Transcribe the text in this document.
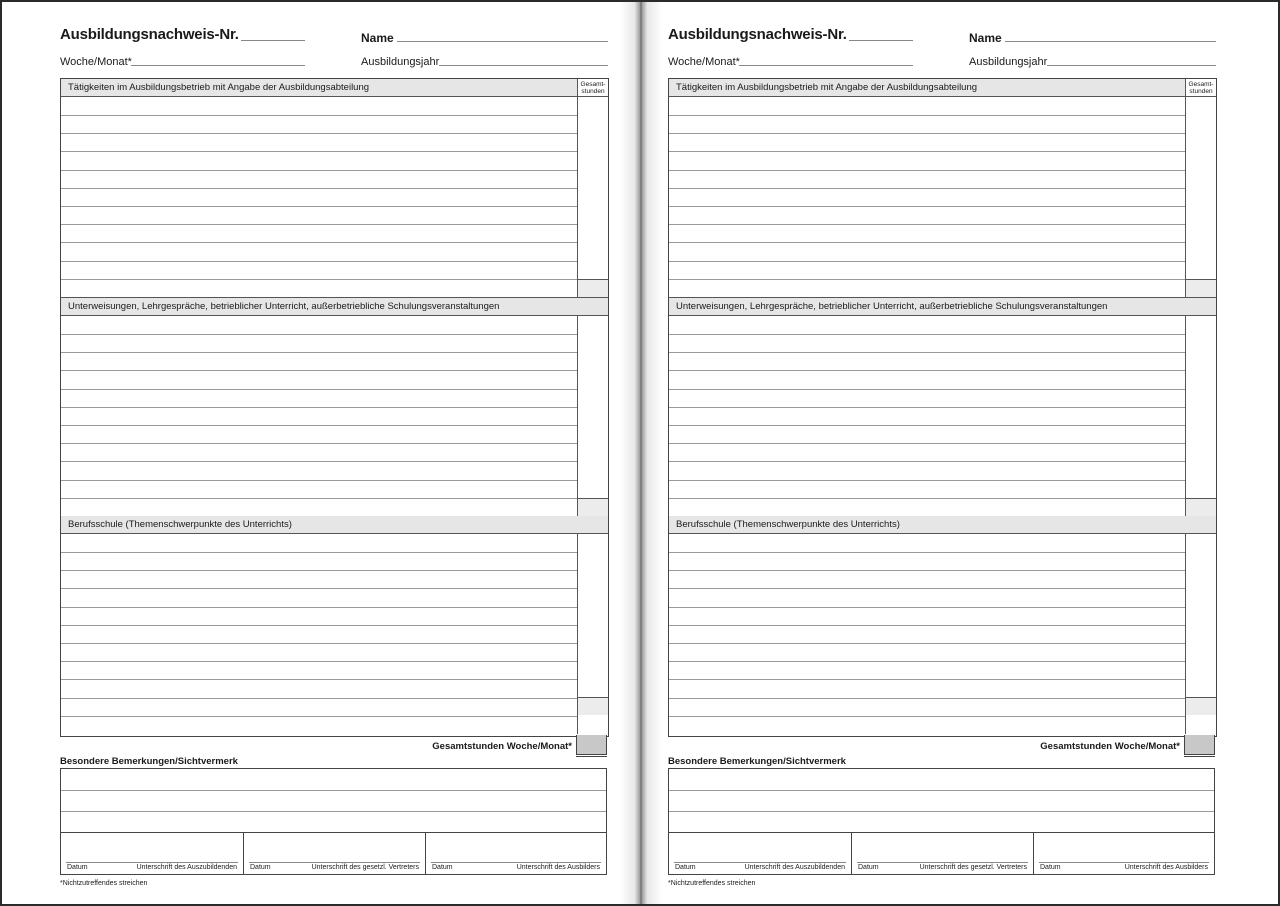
Ausbildungsnachweis-Nr.	Name
Woche/Monat*	Ausbildungsjahr
Tätigkeiten im Ausbildungsbetrieb mit Angabe der Ausbildungsabteilung	Gesamt-stunden
Unterweisungen, Lehrgespräche, betrieblicher Unterricht, außerbetriebliche Schulungsveranstaltungen
Berufsschule (Themenschwerpunkte des Unterrichts)
Gesamtstunden Woche/Monat*
Besondere Bemerkungen/Sichtvermerk
Datum	Unterschrift des Auszubildenden Datum	Unterschrift des gesetzl. Vertreters Datum	Unterschrift des Ausbilders
*Nichtzutreffendes streichen
Ausbildungsnachweis-Nr.	Name
Woche/Monat*	Ausbildungsjahr
Tätigkeiten im Ausbildungsbetrieb mit Angabe der Ausbildungsabteilung	Gesamt-stunden
Unterweisungen, Lehrgespräche, betrieblicher Unterricht, außerbetriebliche Schulungsveranstaltungen
Berufsschule (Themenschwerpunkte des Unterrichts)
Gesamtstunden Woche/Monat*
Besondere Bemerkungen/Sichtvermerk
Datum	Unterschrift des Auszubildenden Datum	Unterschrift des gesetzl. Vertreters Datum	Unterschrift des Ausbilders
*Nichtzutreffendes streichen
